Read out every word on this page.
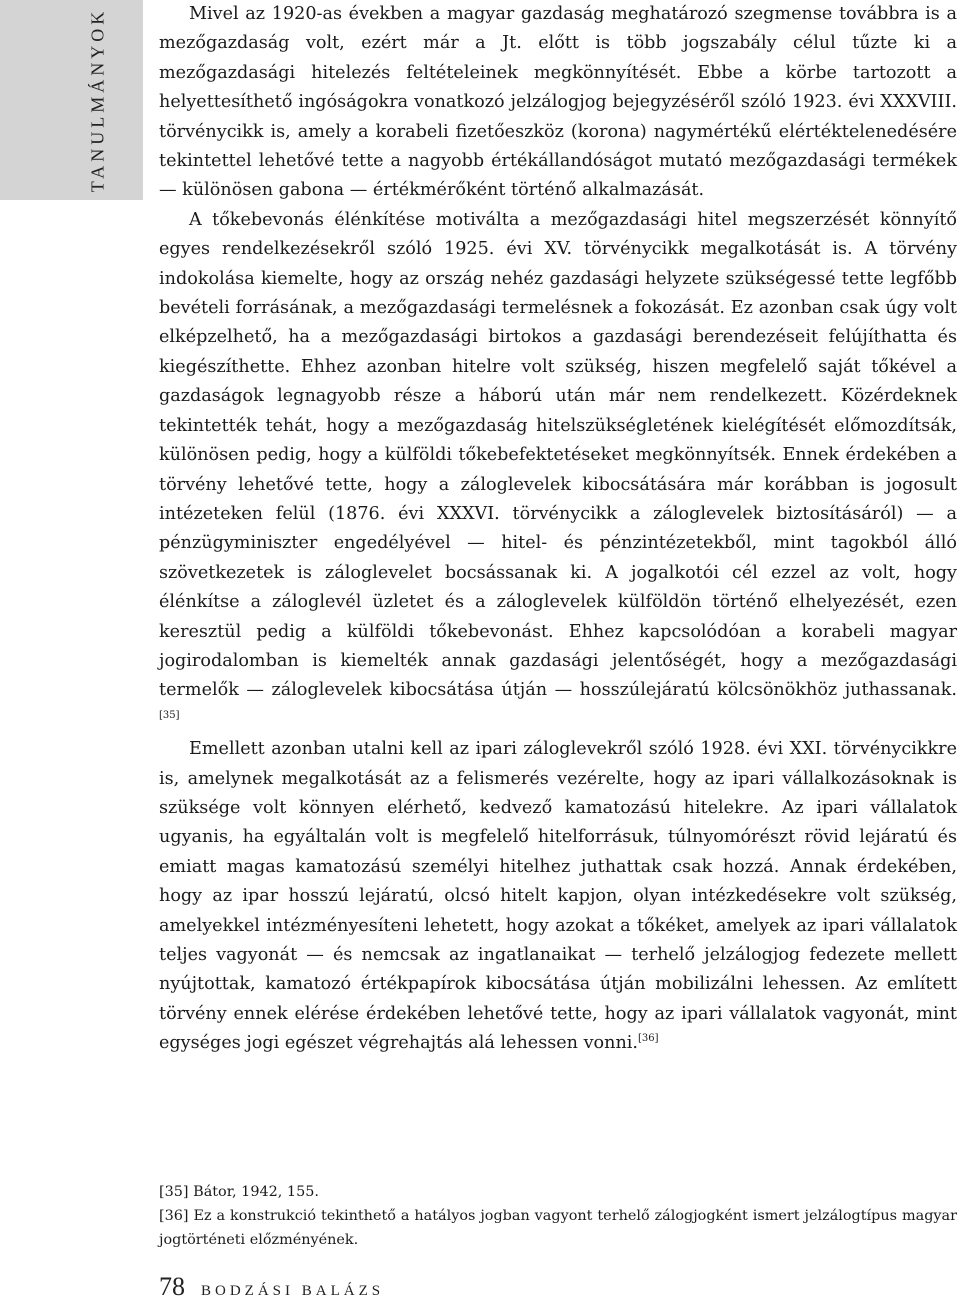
TANULMÁNYOK	Mivel az 1920-as években a magyar gazdaság meghatározó szegmense továbbra is a mezőgazdaság volt, ezért már a Jt. előtt is több jogszabály célul tűzte ki a mezőgazdasági hitelezés feltételeinek megkönnyítését. Ebbe a körbe tartozott a helyettesíthető ingóságokra vonatkozó jelzálogjog bejegyzéséről szóló 1923. évi XXXVIII. törvénycikk is, amely a korabeli fizetőeszköz (korona) nagymértékű elértéktelenedésére tekintettel lehetővé tette a nagyobb értékállandóságot mutató mezőgazdasági termékek — különösen gabona — értékmérőként történő alkalmazását.

A tőkebevonás élénkítése motiválta a mezőgazdasági hitel megszerzését könnyítő egyes rendelkezésekről szóló 1925. évi XV. törvénycikk megalkotását is. A törvény indokolása kiemelte, hogy az ország nehéz gazdasági helyzete szükségessé tette legfőbb bevételi forrásának, a mezőgazdasági termelésnek a fokozását. Ez azonban csak úgy volt elképzelhető, ha a mezőgazdasági birtokos a gazdasági berendezéseit felújíthatta és kiegészíthette. Ehhez azonban hitelre volt szükség, hiszen megfelelő saját tőkével a gazdaságok legnagyobb része a háború után már nem rendelkezett. Közérdeknek tekintették tehát, hogy a mezőgazdaság hitelszükségletének kielégítését előmozdítsák, különösen pedig, hogy a külföldi tőkebefektetéseket megkönnyítsék. Ennek érdekében a törvény lehetővé tette, hogy a záloglevelek kibocsátására már korábban is jogosult intézeteken felül (1876. évi XXXVI. törvénycikk a záloglevelek biztosításáról) — a pénzügyminiszter engedélyével — hitel- és pénzintézetekből, mint tagokból álló szövetkezetek is záloglevelet bocsássanak ki. A jogalkotói cél ezzel az volt, hogy élénkítse a záloglevél üzletet és a záloglevelek külföldön történő elhelyezését, ezen keresztül pedig a külföldi tőkebevonást. Ehhez kapcsolódóan a korabeli magyar jogirodalomban is kiemelték annak gazdasági jelentőségét, hogy a mezőgazdasági termelők — záloglevelek kibocsátása útján — hosszúlejáratú kölcsönökhöz juthassanak.[35]

Emellett azonban utalni kell az ipari záloglevekről szóló 1928. évi XXI. törvénycikkre is, amelynek megalkotását az a felismerés vezérelte, hogy az ipari vállalkozásoknak is szüksége volt könnyen elérhető, kedvező kamatozású hitelekre. Az ipari vállalatok ugyanis, ha egyáltalán volt is megfelelő hitelforrásuk, túlnyomórészt rövid lejáratú és emiatt magas kamatozású személyi hitelhez juthattak csak hozzá. Annak érdekében, hogy az ipar hosszú lejáratú, olcsó hitelt kapjon, olyan intézkedésekre volt szükség, amelyekkel intézményesíteni lehetett, hogy azokat a tőkéket, amelyek az ipari vállalatok teljes vagyonát — és nemcsak az ingatlanaikat — terhelő jelzálogjog fedezete mellett nyújtottak, kamatozó értékpapírok kibocsátása útján mobilizálni lehessen. Az említett törvény ennek elérése érdekében lehetővé tette, hogy az ipari vállalatok vagyonát, mint egységes jogi egészet végrehajtás alá lehessen vonni.[36]

[35] Bátor, 1942, 155.

[36] Ez a konstrukció tekinthető a hatályos jogban vagyont terhelő zálogjogként ismert jelzálogtípus magyar jogtörténeti előzményének.

78 BODZÁSI BALÁZS
